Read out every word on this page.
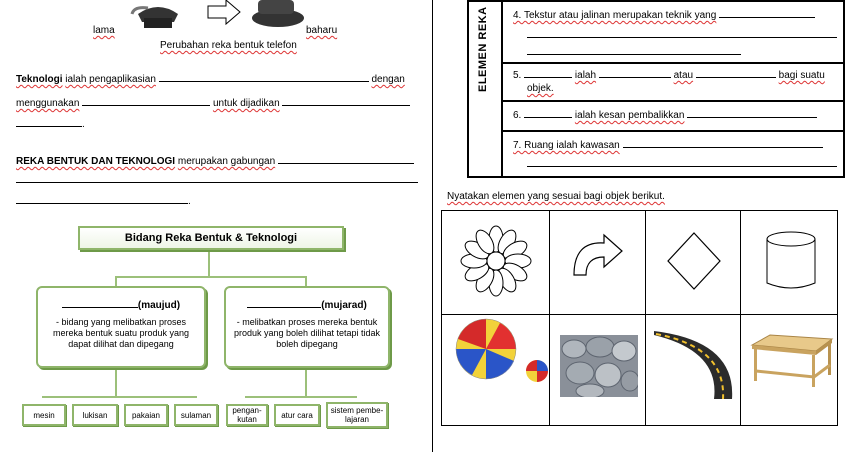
lama	baharu
Perubahan reka bentuk telefon
Teknologi ialah pengaplikasian	dengan
menggunakan	untuk dijadikan
.
REKA BENTUK DAN TEKNOLOGI merupakan gabungan
.
Bidang Reka Bentuk & Teknologi
(maujud)
- bidang yang melibatkan proses mereka bentuk suatu produk yang dapat dilihat dan dipegang
(mujarad)
- melibatkan proses mereka bentuk produk yang boleh dilihat tetapi tidak boleh dipegang
mesin	lukisan	pakaian	sulaman	pengan-kutan	atur cara	sistem pembe-lajaran
ELEMEN REKA 4. Tekstur atau jalinan merupakan teknik yang
5.	ialah	atau	bagi suatu
objek.
6.	ialah kesan pembalikkan
7. Ruang ialah kawasan
Nyatakan elemen yang sesuai bagi objek berikut.
